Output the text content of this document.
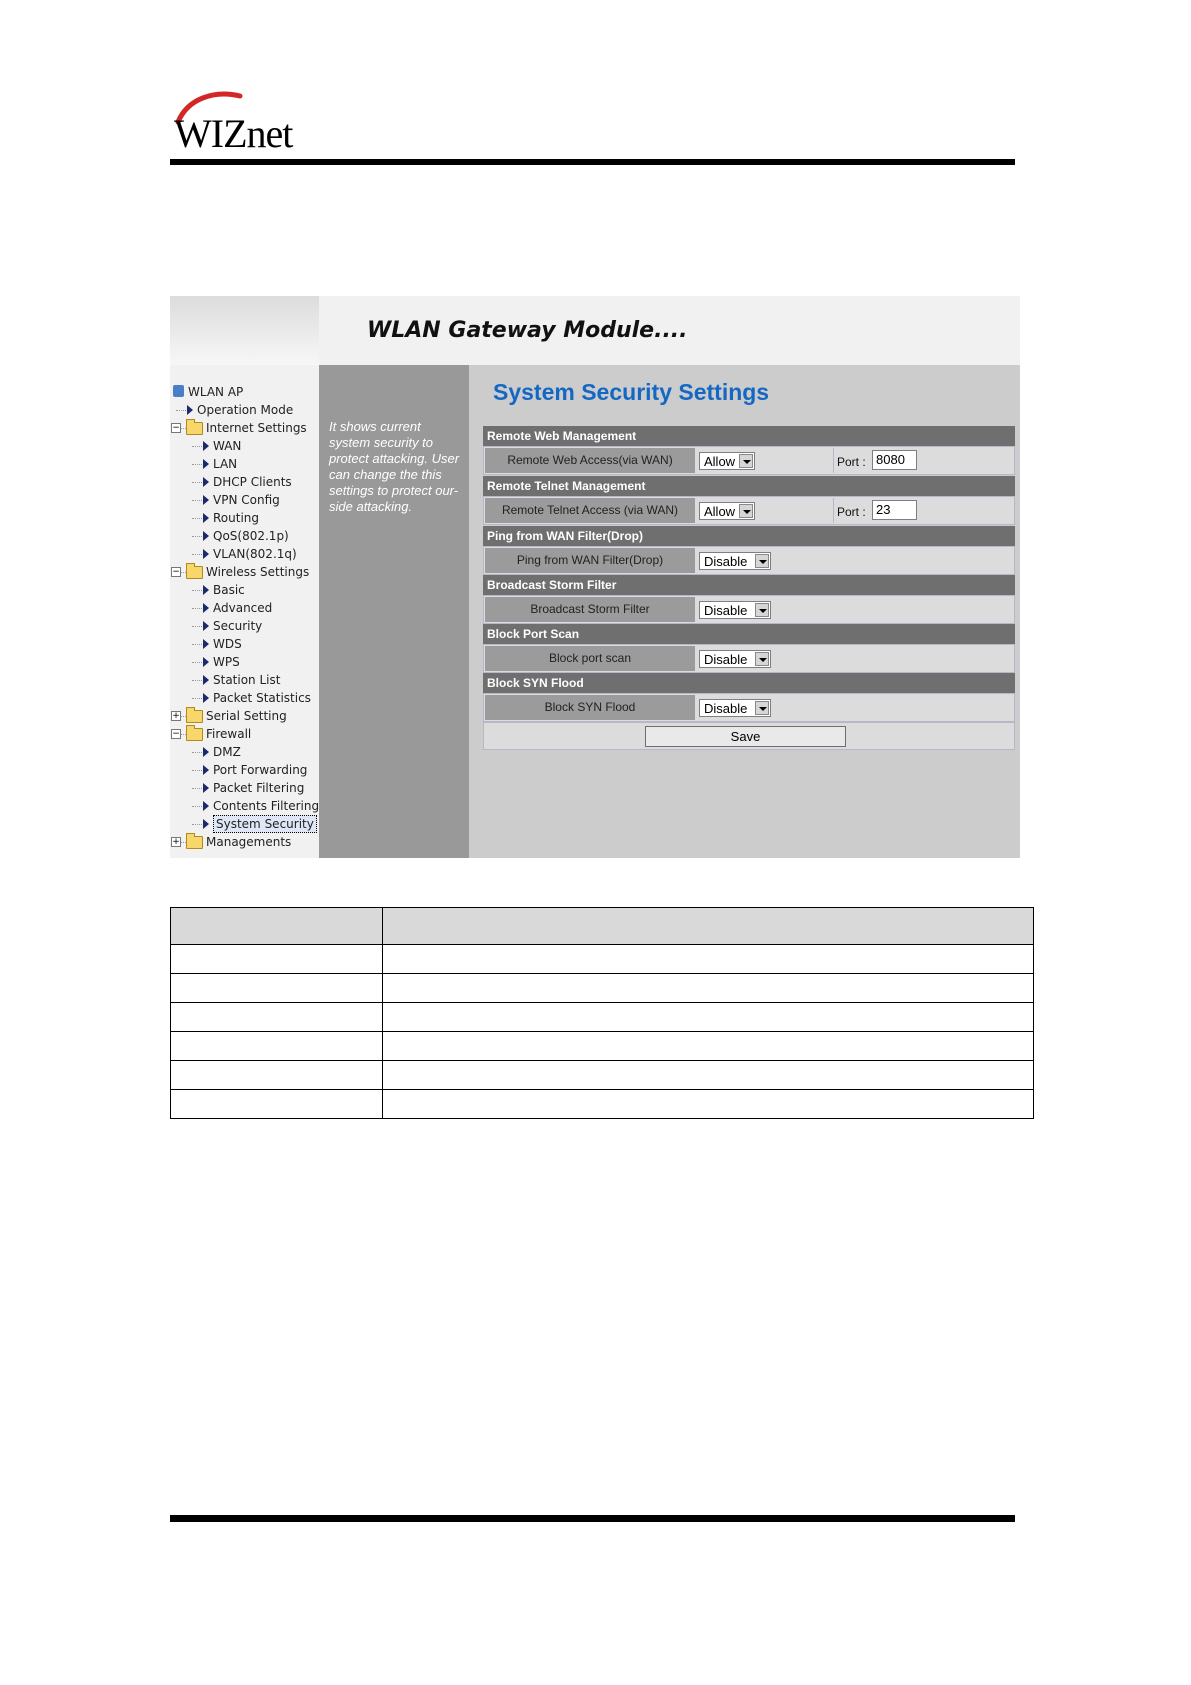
WIZnet
WLAN Gateway Module....
WLAN AP
Operation Mode
− Internet Settings
WAN
LAN
DHCP Clients
VPN Config
Routing
QoS(802.1p)
VLAN(802.1q)
− Wireless Settings
Basic
Advanced
Security
WDS
WPS
Station List
Packet Statistics
+ Serial Setting
− Firewall
DMZ
Port Forwarding
Packet Filtering
Contents Filtering
System Security
+ Managements
It shows current system security to protect attacking. User can change the this settings to protect our-side attacking.
System Security Settings
Remote Web Management
Remote Web Access(via WAN)	Allow	Port : 8080
Remote Telnet Management
Remote Telnet Access (via WAN)	Allow	Port : 23
Ping from WAN Filter(Drop)
Ping from WAN Filter(Drop)	Disable
Broadcast Storm Filter
Broadcast Storm Filter	Disable
Block Port Scan
Block port scan	Disable
Block SYN Flood
Block SYN Flood	Disable
Save
